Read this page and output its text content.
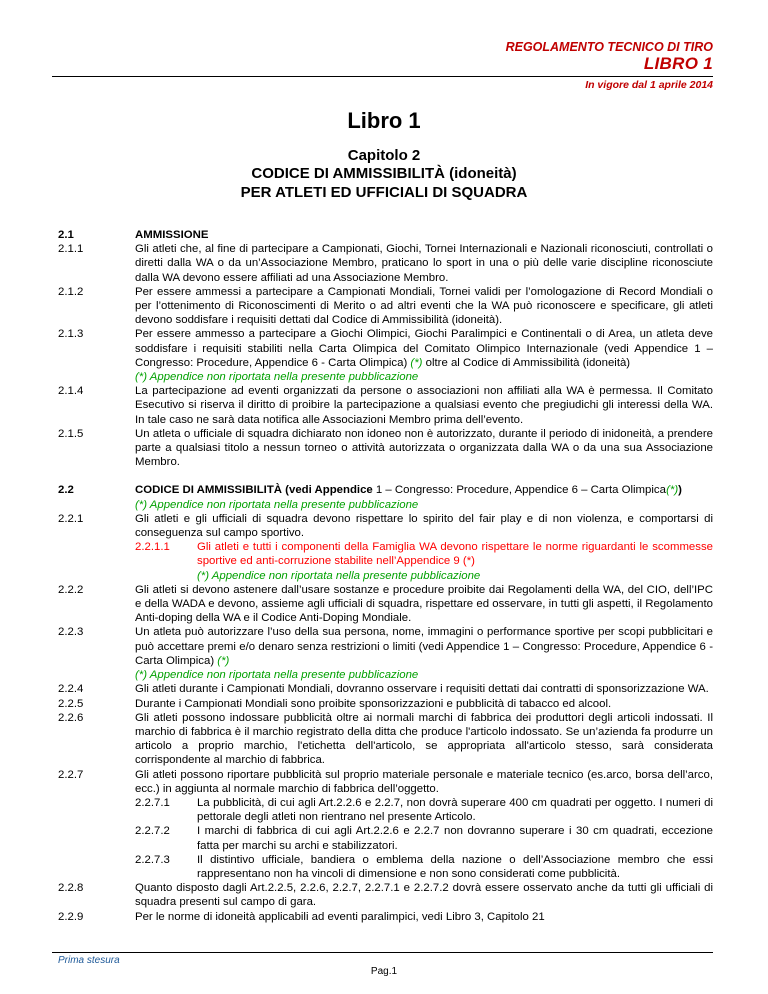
REGOLAMENTO TECNICO DI TIRO
LIBRO 1
In vigore dal 1 aprile 2014
Libro 1
Capitolo 2
CODICE DI AMMISSIBILITÀ (idoneità)
PER ATLETI ED UFFICIALI DI SQUADRA
2.1	AMMISSIONE
2.1.1	Gli atleti che, al fine di partecipare a Campionati, Giochi, Tornei Internazionali e Nazionali riconosciuti, controllati o diretti dalla WA o da un’Associazione Membro, praticano lo sport in una o più delle varie discipline riconosciute dalla WA devono essere affiliati ad una Associazione Membro.
2.1.2	Per essere ammessi a partecipare a Campionati Mondiali, Tornei validi per l’omologazione di Record Mondiali o per l’ottenimento di Riconoscimenti di Merito o ad altri eventi che la WA può riconoscere e specificare, gli atleti devono soddisfare i requisiti dettati dal Codice di Ammissibilità (idoneità).
2.1.3	Per essere ammesso a partecipare a Giochi Olimpici, Giochi Paralimpici e Continentali o di Area, un atleta deve soddisfare i requisiti stabiliti nella Carta Olimpica del Comitato Olimpico Internazionale (vedi Appendice 1 – Congresso: Procedure, Appendice 6 - Carta Olimpica) (*) oltre al Codice di Ammissibilità (idoneità)
(*) Appendice non riportata nella presente pubblicazione
2.1.4	La partecipazione ad eventi organizzati da persone o associazioni non affiliati alla WA è permessa. Il Comitato Esecutivo si riserva il diritto di proibire la partecipazione a qualsiasi evento che pregiudichi gli interessi della WA. In tale caso ne sarà data notifica alle Associazioni Membro prima dell’evento.
2.1.5	Un atleta o ufficiale di squadra dichiarato non idoneo non è autorizzato, durante il periodo di inidoneità, a prendere parte a qualsiasi titolo a nessun torneo o attività autorizzata o organizzata dalla WA o da una sua Associazione Membro.
2.2	CODICE DI AMMISSIBILITÀ (vedi Appendice 1 – Congresso: Procedure, Appendice 6 – Carta Olimpica (*))
(*) Appendice non riportata nella presente pubblicazione
2.2.1	Gli atleti e gli ufficiali di squadra devono rispettare lo spirito del fair play e di non violenza, e comportarsi di conseguenza sul campo sportivo.
2.2.1.1	Gli atleti e tutti i componenti della Famiglia WA devono rispettare le norme riguardanti le scommesse sportive ed anti-corruzione stabilite nell’Appendice 9 (*)
(*) Appendice non riportata nella presente pubblicazione
2.2.2	Gli atleti si devono astenere dall’usare sostanze e procedure proibite dai Regolamenti della WA, del CIO, dell’IPC e della WADA e devono, assieme agli ufficiali di squadra, rispettare ed osservare, in tutti gli aspetti, il Regolamento Anti-doping della WA e il Codice Anti-Doping Mondiale.
2.2.3	Un atleta può autorizzare l’uso della sua persona, nome, immagini o performance sportive per scopi pubblicitari e può accettare premi e/o denaro senza restrizioni o limiti (vedi Appendice 1 – Congresso: Procedure, Appendice 6 - Carta Olimpica) (*)
(*) Appendice non riportata nella presente pubblicazione
2.2.4	Gli atleti durante i Campionati Mondiali, dovranno osservare i requisiti dettati dai contratti di sponsorizzazione WA.
2.2.5	Durante i Campionati Mondiali sono proibite sponsorizzazioni e pubblicità di tabacco ed alcool.
2.2.6	Gli atleti possono indossare pubblicità oltre ai normali marchi di fabbrica dei produttori degli articoli indossati. Il marchio di fabbrica è il marchio registrato della ditta che produce l'articolo indossato. Se un’azienda fa produrre un articolo a proprio marchio, l'etichetta dell'articolo, se appropriata all'articolo stesso, sarà considerata corrispondente al marchio di fabbrica.
2.2.7	Gli atleti possono riportare pubblicità sul proprio materiale personale e materiale tecnico (es.arco, borsa dell’arco, ecc.) in aggiunta al normale marchio di fabbrica dell’oggetto.
2.2.7.1	La pubblicità, di cui agli Art.2.2.6 e 2.2.7, non dovrà superare 400 cm quadrati per oggetto. I numeri di pettorale degli atleti non rientrano nel presente Articolo.
2.2.7.2	I marchi di fabbrica di cui agli Art.2.2.6 e 2.2.7 non dovranno superare i 30 cm quadrati, eccezione fatta per marchi su archi e stabilizzatori.
2.2.7.3	Il distintivo ufficiale, bandiera o emblema della nazione o dell’Associazione membro che essi rappresentano non ha vincoli di dimensione e non sono considerati come pubblicità.
2.2.8	Quanto disposto dagli Art.2.2.5, 2.2.6, 2.2.7, 2.2.7.1 e 2.2.7.2 dovrà essere osservato anche da tutti gli ufficiali di squadra presenti sul campo di gara.
2.2.9	Per le norme di idoneità applicabili ad eventi paralimpici, vedi Libro 3, Capitolo 21
Prima stesura
Pag.1
